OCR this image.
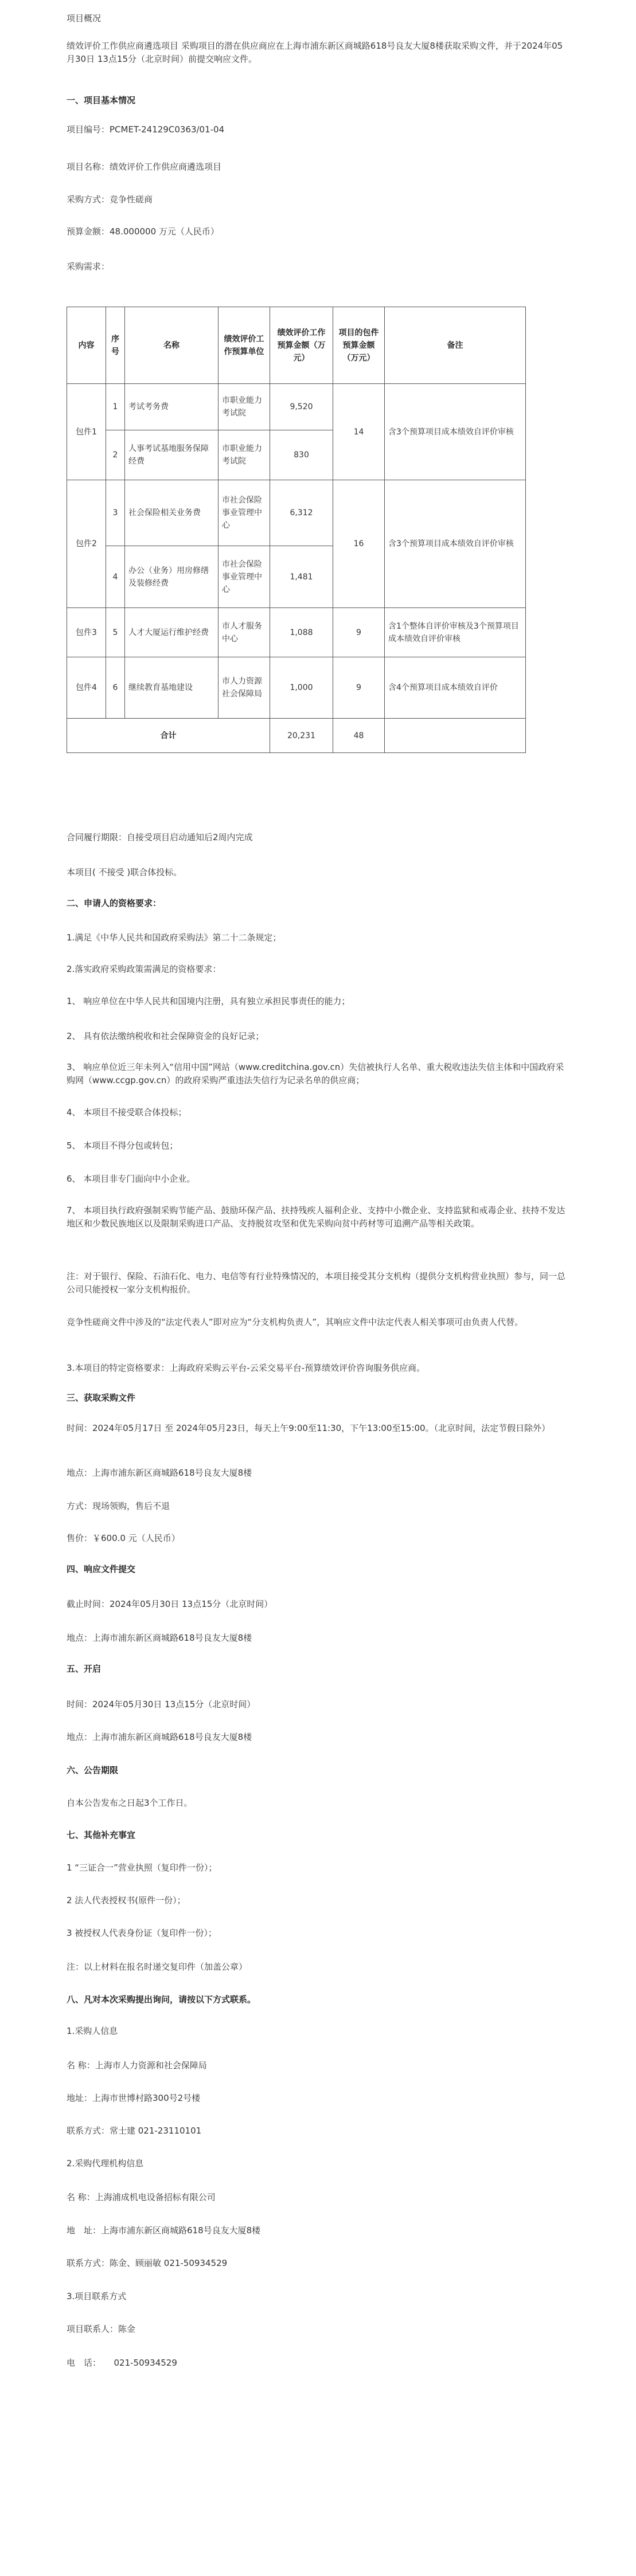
项目概况
绩效评价工作供应商遴选项目 采购项目的潜在供应商应在上海市浦东新区商城路618号良友大厦8楼获取采购文件，并于2024年05月30日 13点15分（北京时间）前提交响应文件。
一、项目基本情况
项目编号：PCMET-24129C0363/01-04
项目名称：绩效评价工作供应商遴选项目
采购方式：竞争性磋商
预算金额：48.000000 万元（人民币）
采购需求：
内容	序号	名称	绩效评价工作预算单位	绩效评价工作预算金额（万元）	项目的包件预算金额（万元）	备注
包件1	1	考试考务费	市职业能力考试院	9,520	14	含3个预算项目成本绩效自评价审核
	2	人事考试基地服务保障经费	市职业能力考试院	830		
包件2	3	社会保险相关业务费	市社会保险事业管理中心	6,312	16	含3个预算项目成本绩效自评价审核
	4	办公（业务）用房修缮及装修经费	市社会保险事业管理中心	1,481		
包件3	5	人才大厦运行维护经费	市人才服务中心	1,088	9	含1个整体自评价审核及3个预算项目成本绩效自评价审核
包件4	6	继续教育基地建设	市人力资源社会保障局	1,000	9	含4个预算项目成本绩效自评价
合计				20,231	48	
合同履行期限：自接受项目启动通知后2周内完成
本项目( 不接受 )联合体投标。
二、申请人的资格要求：
1.满足《中华人民共和国政府采购法》第二十二条规定；
2.落实政府采购政策需满足的资格要求：
1、 响应单位在中华人民共和国境内注册，具有独立承担民事责任的能力；
2、 具有依法缴纳税收和社会保障资金的良好记录；
3、 响应单位近三年未列入“信用中国”网站（www.creditchina.gov.cn）失信被执行人名单、重大税收违法失信主体和中国政府采购网（www.ccgp.gov.cn）的政府采购严重违法失信行为记录名单的供应商；
4、 本项目不接受联合体投标；
5、 本项目不得分包或转包；
6、 本项目非专门面向中小企业。
7、 本项目执行政府强制采购节能产品、鼓励环保产品、扶持残疾人福利企业、支持中小微企业、支持监狱和戒毒企业、扶持不发达地区和少数民族地区以及限制采购进口产品、支持脱贫攻坚和优先采购向贫中药材等可追溯产品等相关政策。
注：对于银行、保险、石油石化、电力、电信等有行业特殊情况的，本项目接受其分支机构（提供分支机构营业执照）参与，同一总公司只能授权一家分支机构报价。
竞争性磋商文件中涉及的“法定代表人”即对应为“分支机构负责人”，其响应文件中法定代表人相关事项可由负责人代替。
3.本项目的特定资格要求：上海政府采购云平台-云采交易平台-预算绩效评价咨询服务供应商。
三、获取采购文件
时间：2024年05月17日 至 2024年05月23日，每天上午9:00至11:30，下午13:00至15:00。（北京时间，法定节假日除外）
地点：上海市浦东新区商城路618号良友大厦8楼
方式：现场领购，售后不退
售价：￥600.0 元（人民币）
四、响应文件提交
截止时间：2024年05月30日 13点15分（北京时间）
地点：上海市浦东新区商城路618号良友大厦8楼
五、开启
时间：2024年05月30日 13点15分（北京时间）
地点：上海市浦东新区商城路618号良友大厦8楼
六、公告期限
自本公告发布之日起3个工作日。
七、其他补充事宜
1 “三证合一”营业执照（复印件一份）；
2 法人代表授权书(原件一份）；
3 被授权人代表身份证（复印件一份）；
注：以上材料在报名时递交复印件（加盖公章）
八、凡对本次采购提出询问，请按以下方式联系。
1.采购人信息
名 称：上海市人力资源和社会保障局
地址：上海市世博村路300号2号楼
联系方式：常士建 021-23110101
2.采购代理机构信息
名 称：上海浦成机电设备招标有限公司
地　址：上海市浦东新区商城路618号良友大厦8楼
联系方式：陈金、顾丽敏 021-50934529
3.项目联系方式
项目联系人：陈金
电　话：　　021-50934529
